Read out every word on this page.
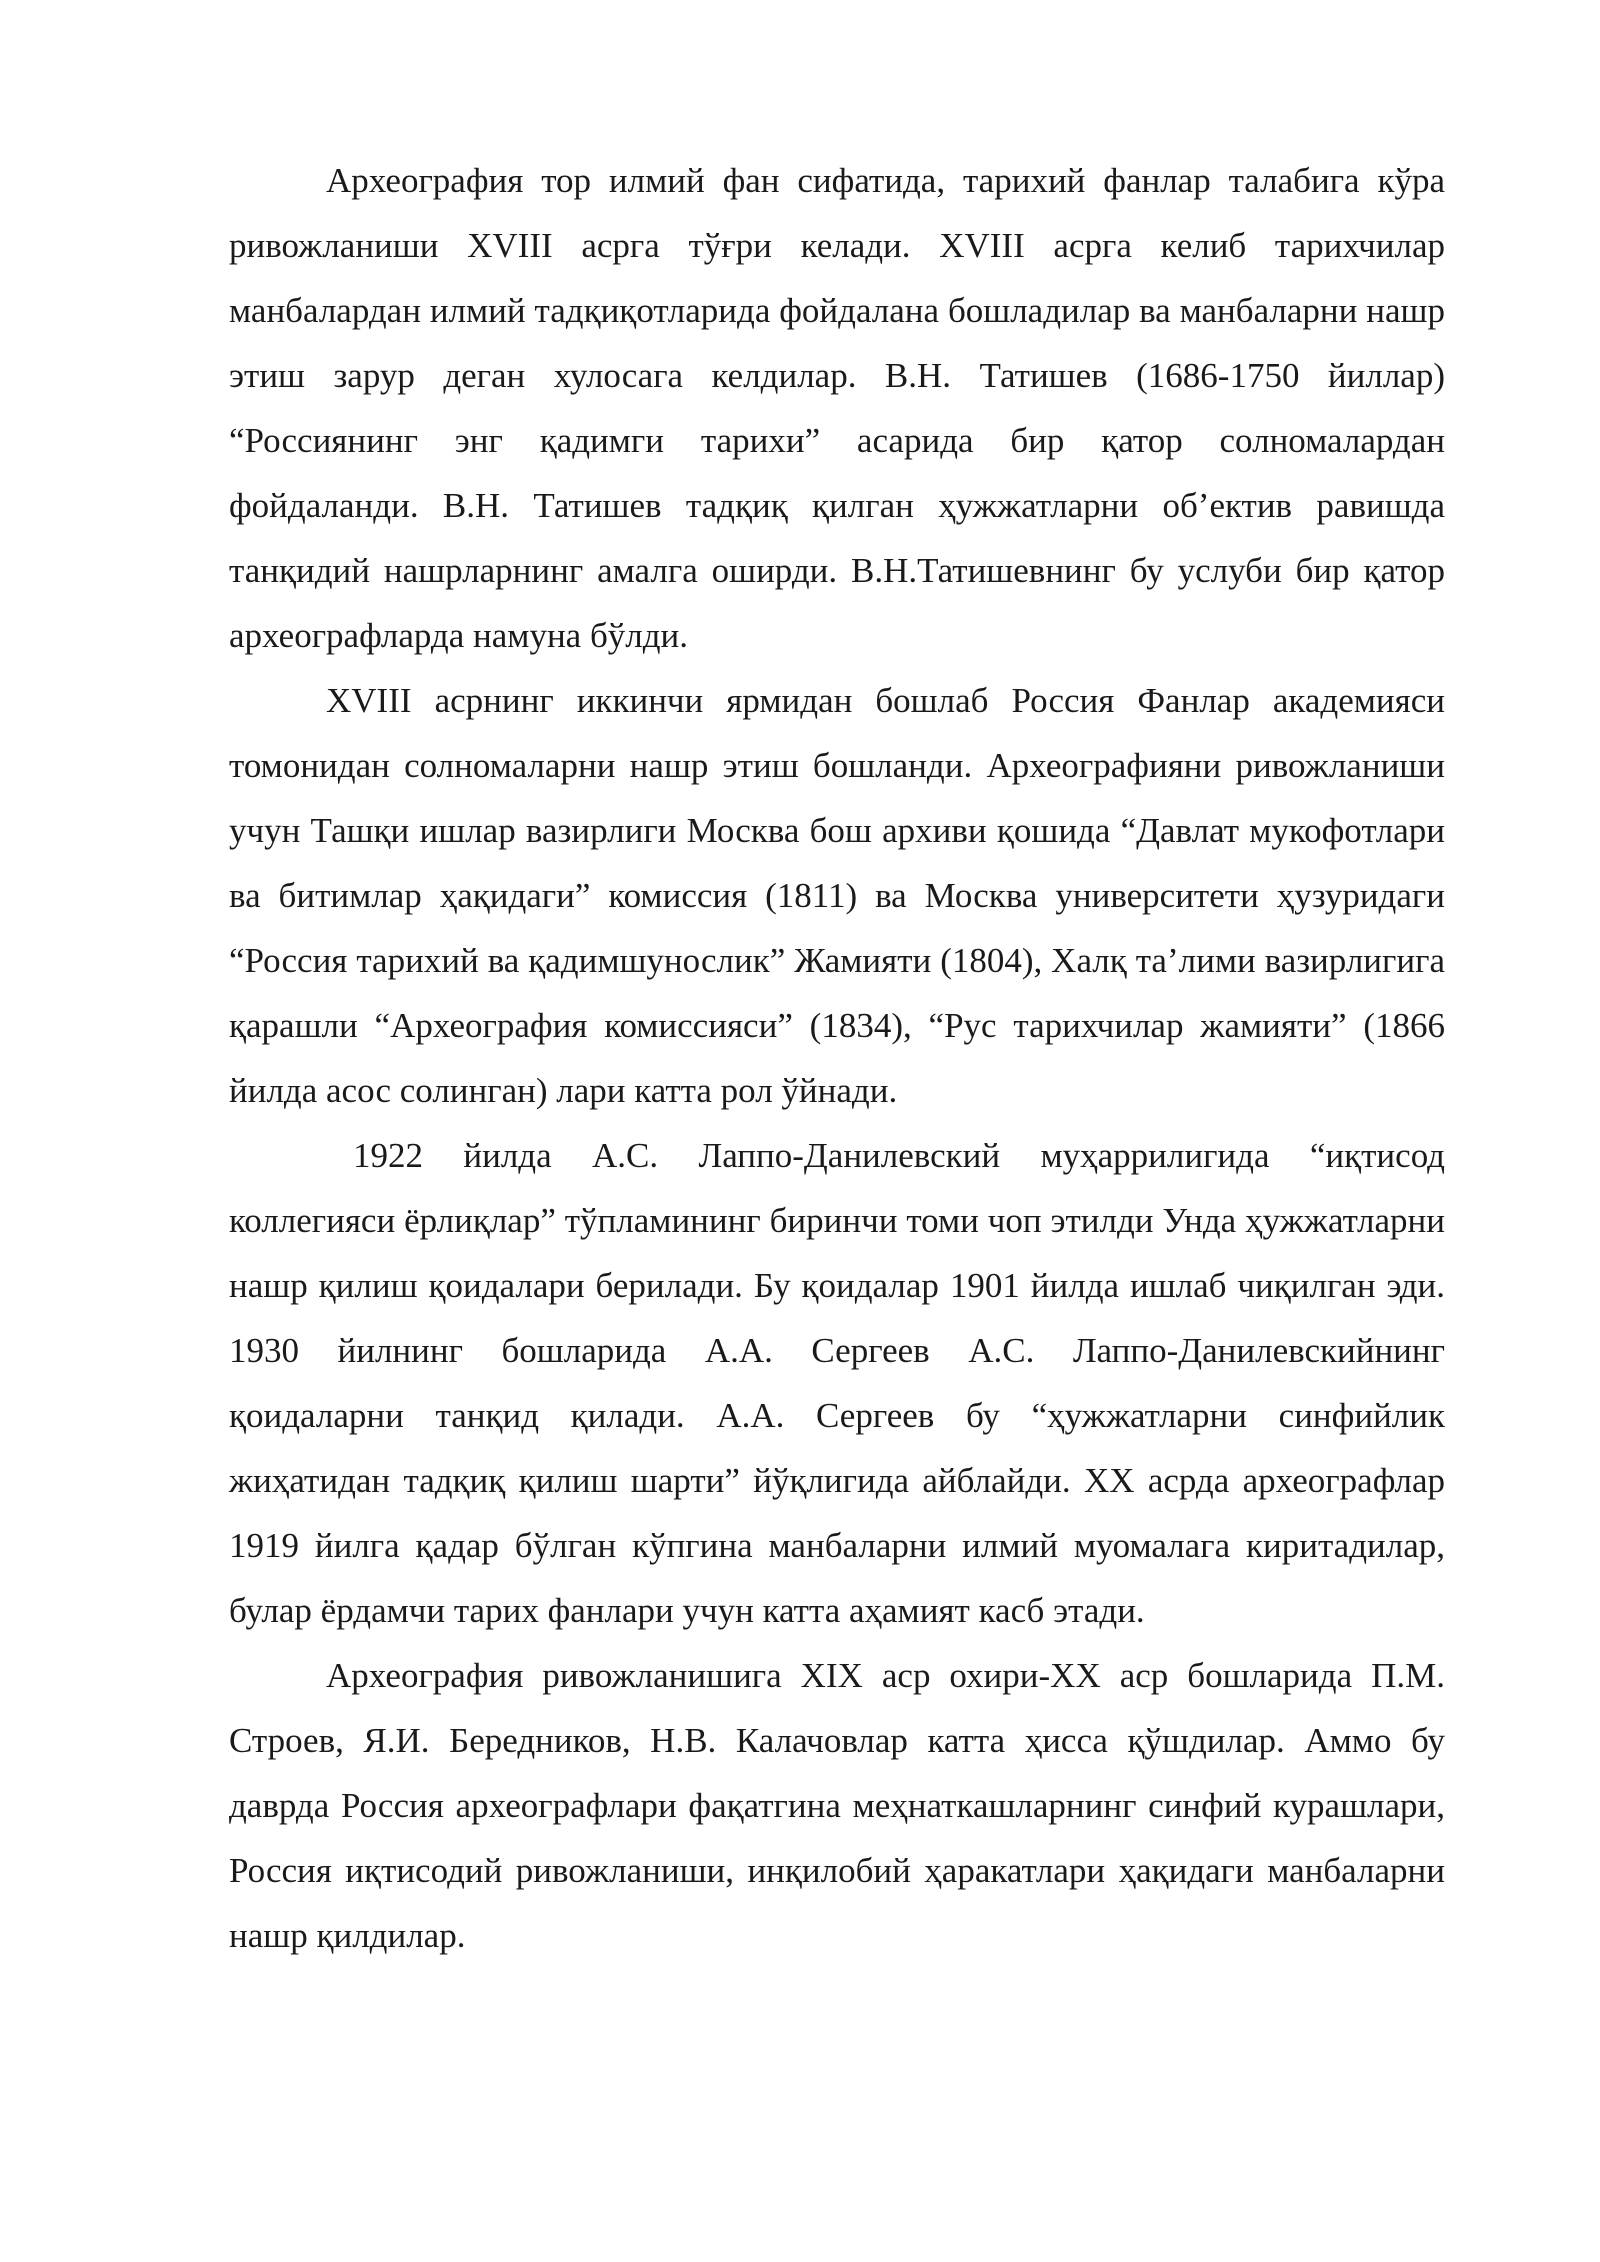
Археография тор илмий фан сифатида, тарихий фанлар талабига кўра ривожланиши XVIII асрга тўғри келади. XVIII асрга келиб тарихчилар манбалардан илмий тадқиқотларида фойдалана бошладилар ва манбаларни нашр этиш зарур деган хулосага келдилар. В.Н. Татишев (1686-1750 йиллар) “Россиянинг энг қадимги тарихи” асарида бир қатор солномалардан фойдаланди. В.Н. Татишев тадқиқ қилган ҳужжатларни об’ектив равишда танқидий нашрларнинг амалга оширди. В.Н.Татишевнинг бу услуби бир қатор археографларда намуна бўлди.

XVIII асрнинг иккинчи ярмидан бошлаб Россия Фанлар академияси томонидан солномаларни нашр этиш бошланди. Археографияни ривожланиши учун Ташқи ишлар вазирлиги Москва бош архиви қошида “Давлат мукофотлари ва битимлар ҳақидаги” комиссия (1811) ва Москва университети ҳузуридаги “Россия тарихий ва қадимшунослик” Жамияти (1804), Халқ та’лими вазирлигига қарашли “Археография комиссияси” (1834), “Рус тарихчилар жамияти” (1866 йилда асос солинган) лари катта рол ўйнади.

1922 йилда А.С. Лаппо-Данилевский муҳаррилигида “иқтисод коллегияси ёрлиқлар” тўпламининг биринчи томи чоп этилди Унда ҳужжатларни нашр қилиш қоидалари берилади. Бу қоидалар 1901 йилда ишлаб чиқилган эди. 1930 йилнинг бошларида А.А. Сергеев А.С. Лаппо-Данилевскийнинг қоидаларни танқид қилади. А.А. Сергеев бу “ҳужжатларни синфийлик жиҳатидан тадқиқ қилиш шарти” йўқлигида айблайди. XX асрда археографлар 1919 йилга қадар бўлган кўпгина манбаларни илмий муомалага киритадилар, булар ёрдамчи тарих фанлари учун катта аҳамият касб этади.

Археография ривожланишига XIX аср охири-XX аср бошларида П.М. Строев, Я.И. Бередников, Н.В. Калачовлар катта ҳисса қўшдилар. Аммо бу даврда Россия археографлари фақатгина меҳнаткашларнинг синфий курашлари, Россия иқтисодий ривожланиши, инқилобий ҳаракатлари ҳақидаги манбаларни нашр қилдилар.
